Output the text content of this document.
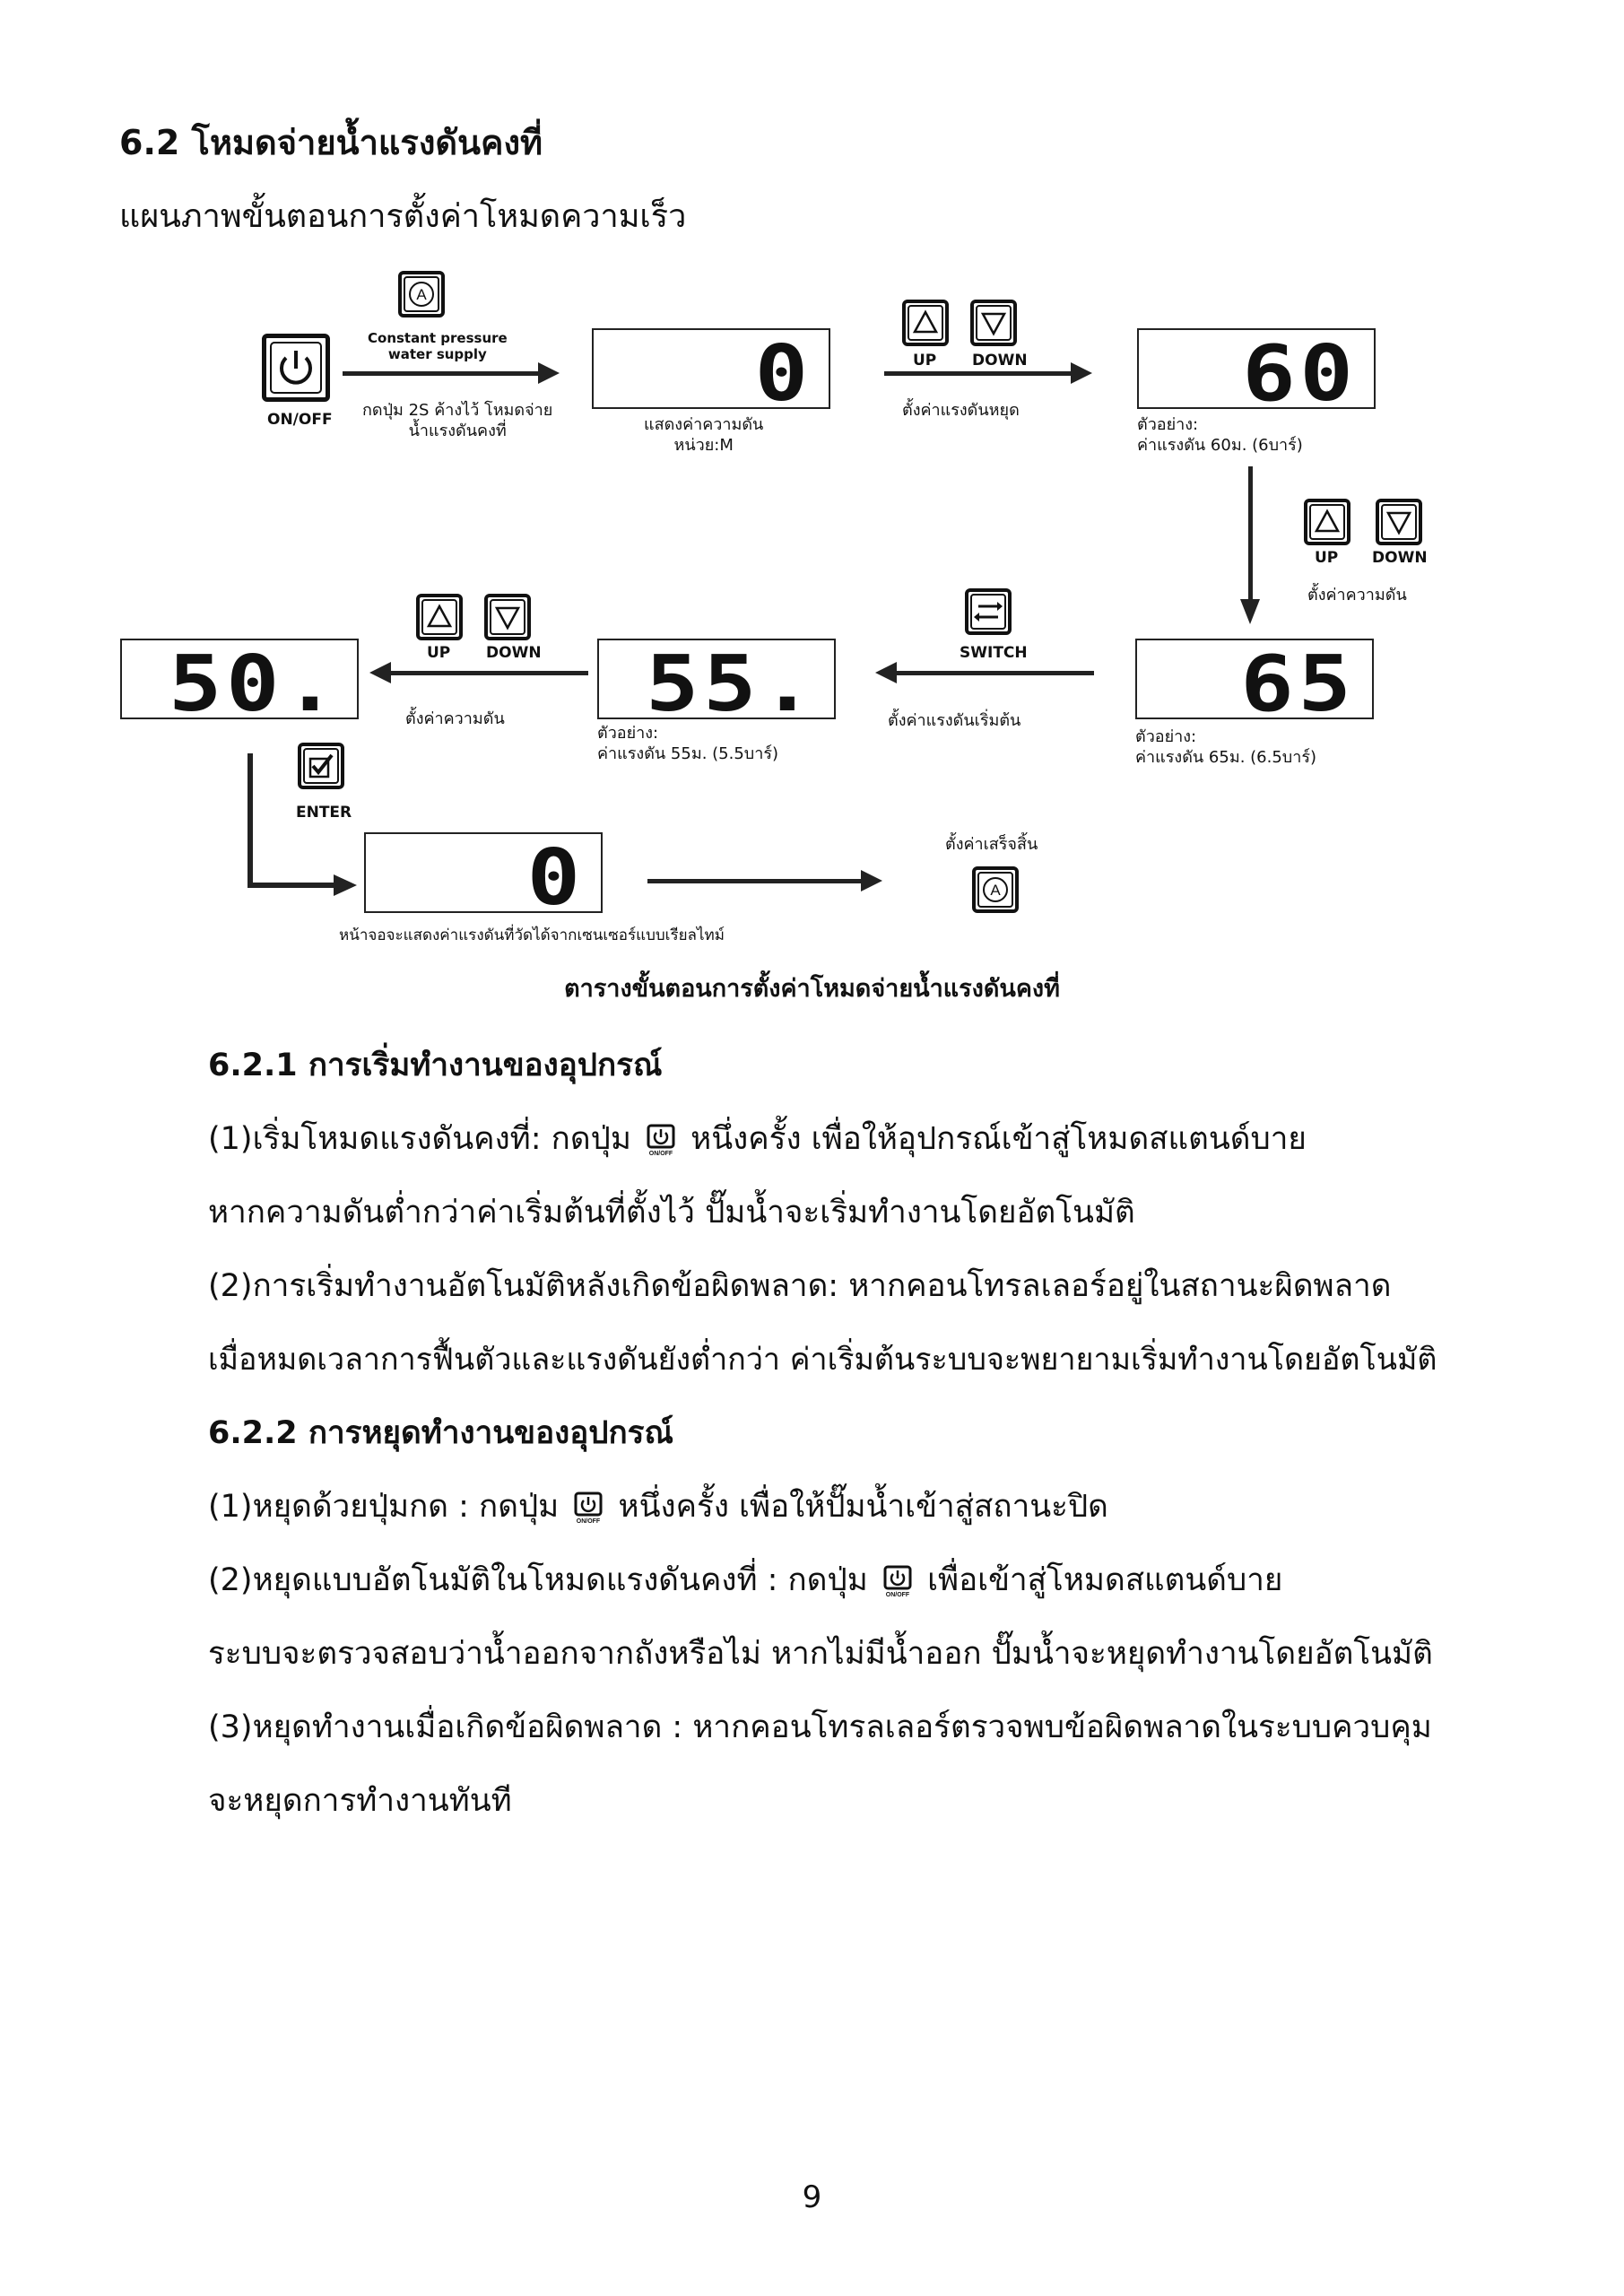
6.2 โหมดจ่ายน้ำแรงดันคงที่
แผนภาพขั้นตอนการตั้งค่าโหมดความเร็ว
ON/OFF
A
Constant pressure
water supply
กดปุ่ม 2S ค้างไว้ โหมดจ่าย
น้ำแรงดันคงที่
0
แสดงค่าความดัน
หน่วย:M
UP DOWN
ตั้งค่าแรงดันหยุด	60
ตัวอย่าง:
ค่าแรงดัน 60ม. (6บาร์)
UP DOWN
ตั้งค่าความดัน
65
ตัวอย่าง:
ค่าแรงดัน 65ม. (6.5บาร์)
SWITCH
ตั้งค่าแรงดันเริ่มต้น
55.
ตัวอย่าง:
ค่าแรงดัน 55ม. (5.5บาร์)
UP DOWN
ตั้งค่าความดัน
50.
ENTER
0
หน้าจอจะแสดงค่าแรงดันที่วัดได้จากเซนเซอร์แบบเรียลไทม์
ตั้งค่าเสร็จสิ้น
A
ตารางขั้นตอนการตั้งค่าโหมดจ่ายน้ำแรงดันคงที่
6.2.1 การเริ่มทำงานของอุปกรณ์
(1)เริ่มโหมดแรงดันคงที่: กดปุ่ม	ON/OFF หนึ่งครั้ง เพื่อให้อุปกรณ์เข้าสู่โหมดสแตนด์บาย
หากความดันต่ำกว่าค่าเริ่มต้นที่ตั้งไว้ ปั๊มน้ำจะเริ่มทำงานโดยอัตโนมัติ
(2)การเริ่มทำงานอัตโนมัติหลังเกิดข้อผิดพลาด: หากคอนโทรลเลอร์อยู่ในสถานะผิดพลาด
เมื่อหมดเวลาการฟื้นตัวและแรงดันยังต่ำกว่า ค่าเริ่มต้นระบบจะพยายามเริ่มทำงานโดยอัตโนมัติ
6.2.2 การหยุดทำงานของอุปกรณ์
(1)หยุดด้วยปุ่มกด : กดปุ่ม	ON/OFF หนึ่งครั้ง เพื่อให้ปั๊มน้ำเข้าสู่สถานะปิด
(2)หยุดแบบอัตโนมัติในโหมดแรงดันคงที่ : กดปุ่ม	ON/OFF เพื่อเข้าสู่โหมดสแตนด์บาย
ระบบจะตรวจสอบว่าน้ำออกจากถังหรือไม่ หากไม่มีน้ำออก ปั๊มน้ำจะหยุดทำงานโดยอัตโนมัติ
(3)หยุดทำงานเมื่อเกิดข้อผิดพลาด : หากคอนโทรลเลอร์ตรวจพบข้อผิดพลาดในระบบควบคุม
จะหยุดการทำงานทันที
9
